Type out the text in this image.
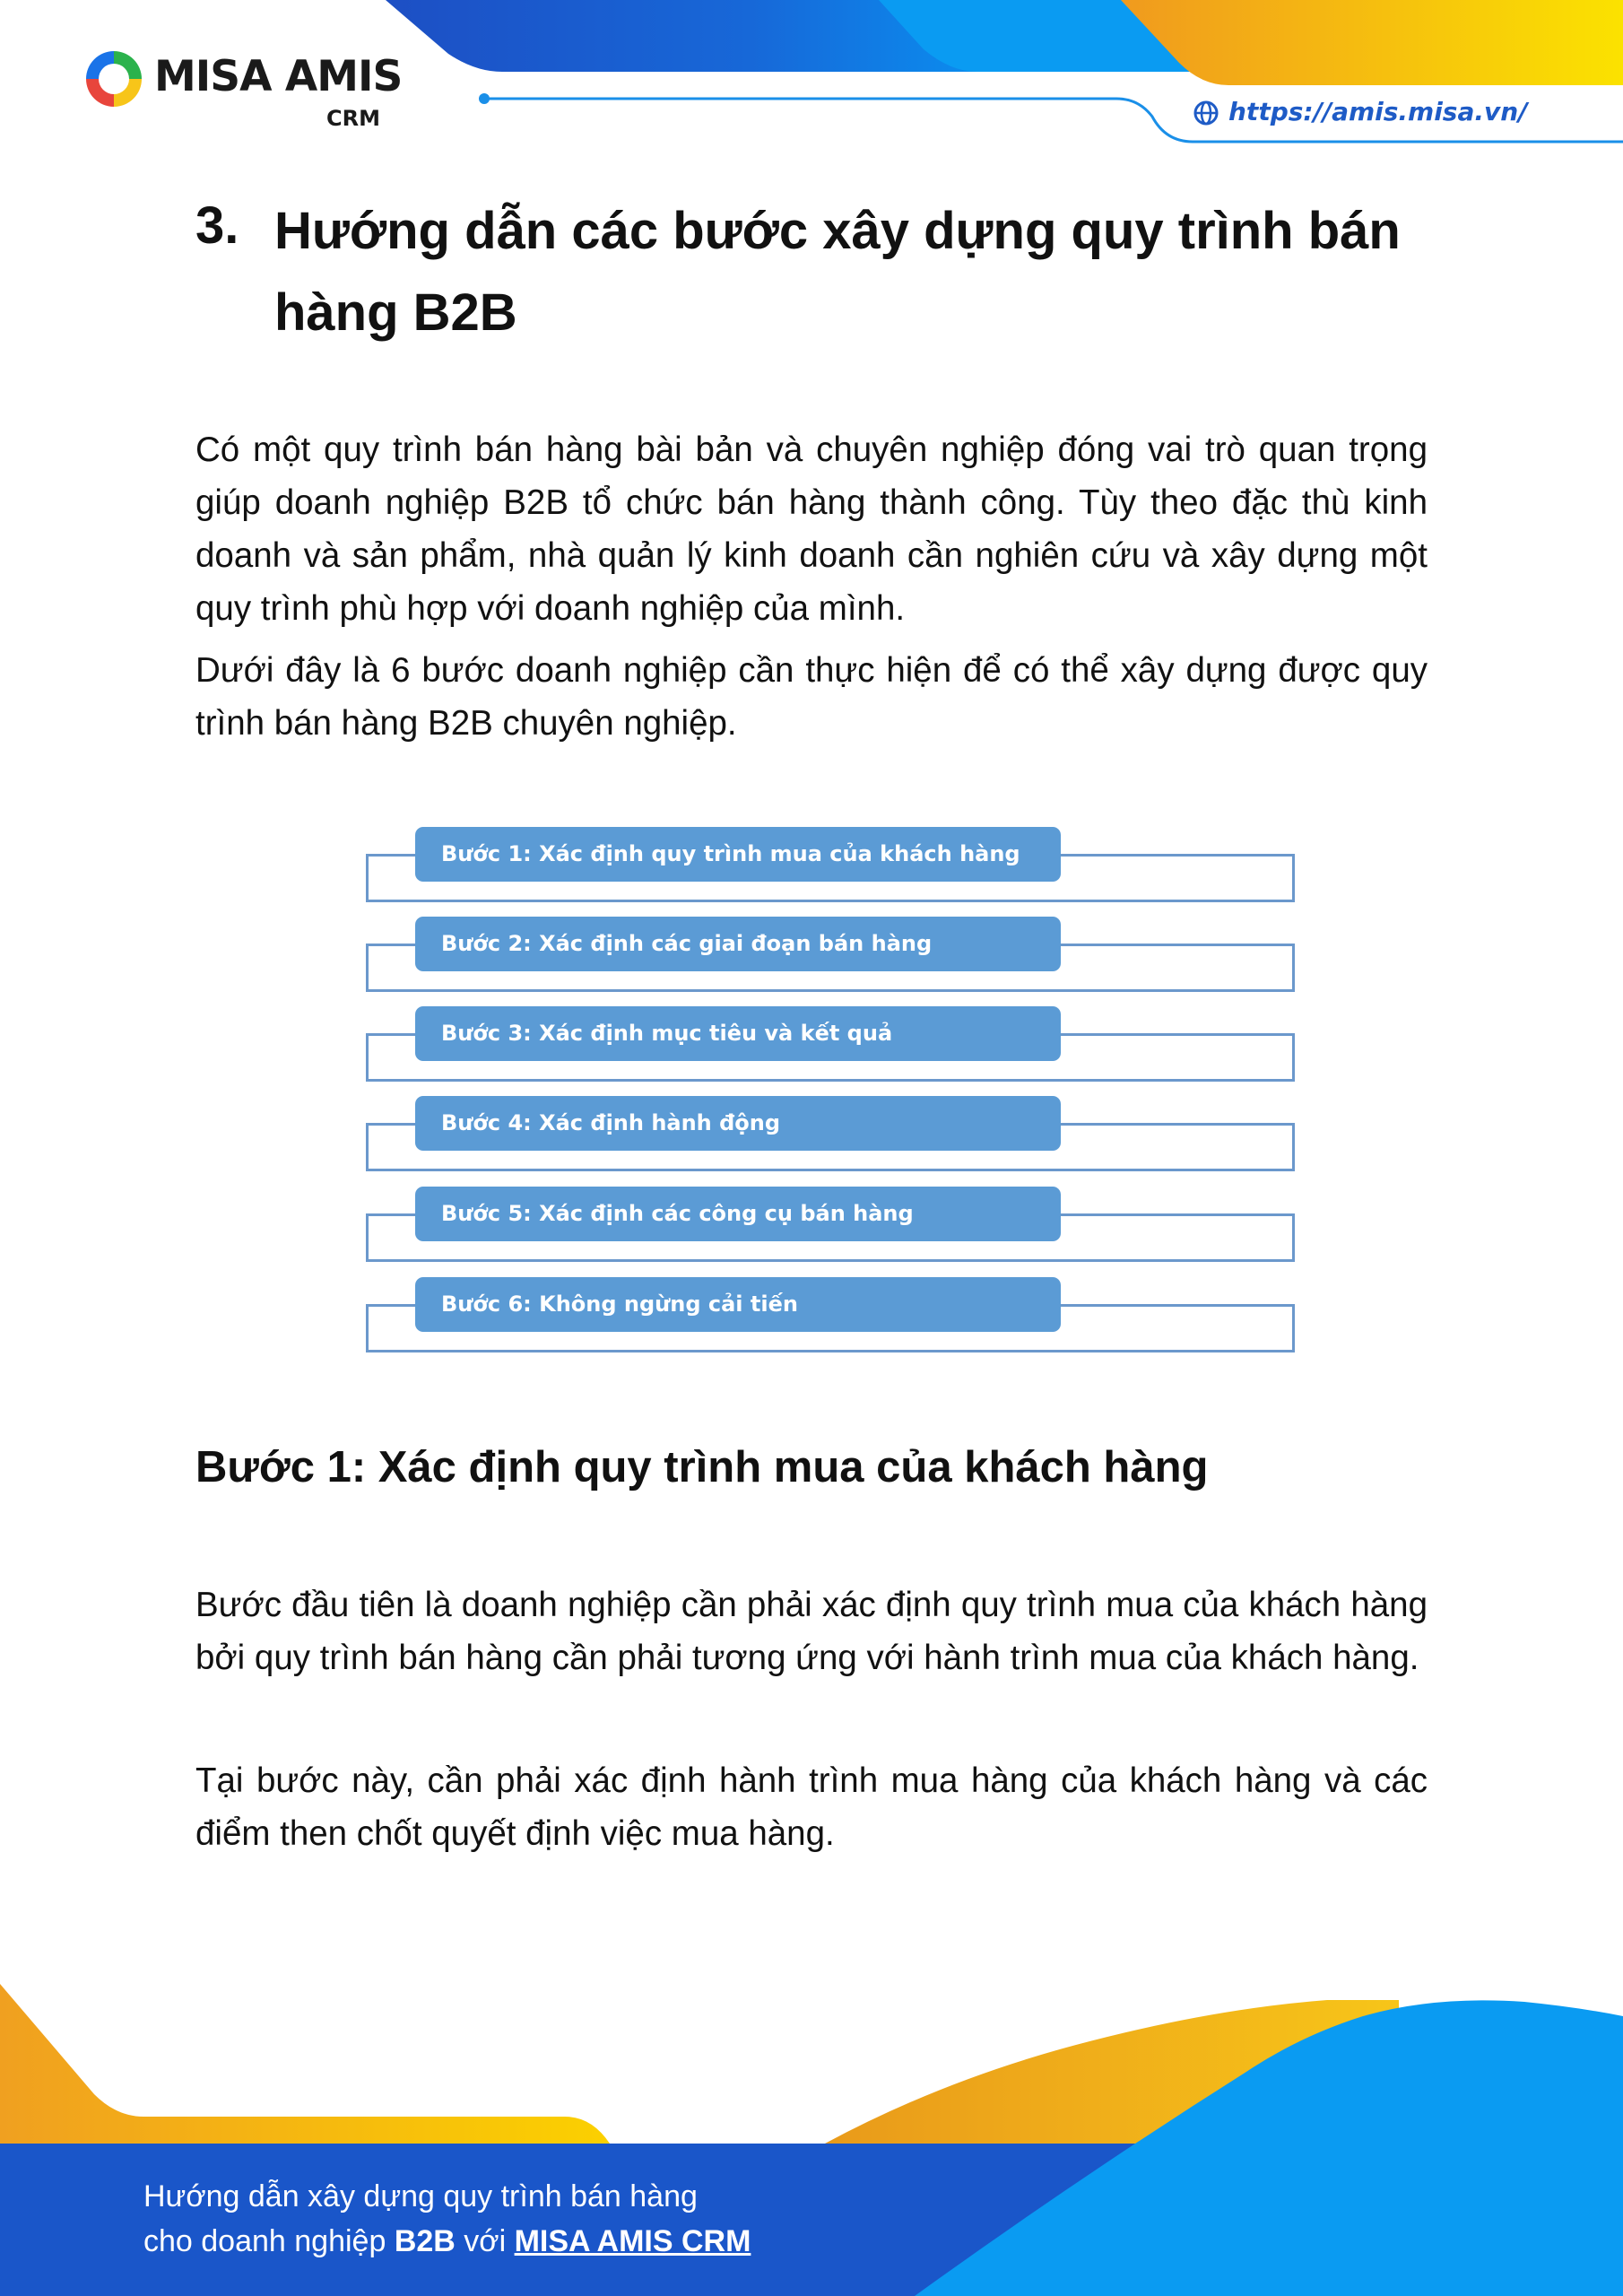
MISA AMIS
CRM	https://amis.misa.vn/
3. Hướng dẫn các bước xây dựng quy trình bán hàng B2B
Có một quy trình bán hàng bài bản và chuyên nghiệp đóng vai trò quan trọng giúp doanh nghiệp B2B tổ chức bán hàng thành công. Tùy theo đặc thù kinh doanh và sản phẩm, nhà quản lý kinh doanh cần nghiên cứu và xây dựng một quy trình phù hợp với doanh nghiệp của mình.
Dưới đây là 6 bước doanh nghiệp cần thực hiện để có thể xây dựng được quy trình bán hàng B2B chuyên nghiệp.
Bước 1: Xác định quy trình mua của khách hàng
Bước 2: Xác định các giai đoạn bán hàng
Bước 3: Xác định mục tiêu và kết quả
Bước 4: Xác định hành động
Bước 5: Xác định các công cụ bán hàng
Bước 6: Không ngừng cải tiến
Bước 1: Xác định quy trình mua của khách hàng
Bước đầu tiên là doanh nghiệp cần phải xác định quy trình mua của khách hàng bởi quy trình bán hàng cần phải tương ứng với hành trình mua của khách hàng.
Tại bước này, cần phải xác định hành trình mua hàng của khách hàng và các điểm then chốt quyết định việc mua hàng.
Hướng dẫn xây dựng quy trình bán hàng
cho doanh nghiệp B2B với MISA AMIS CRM
